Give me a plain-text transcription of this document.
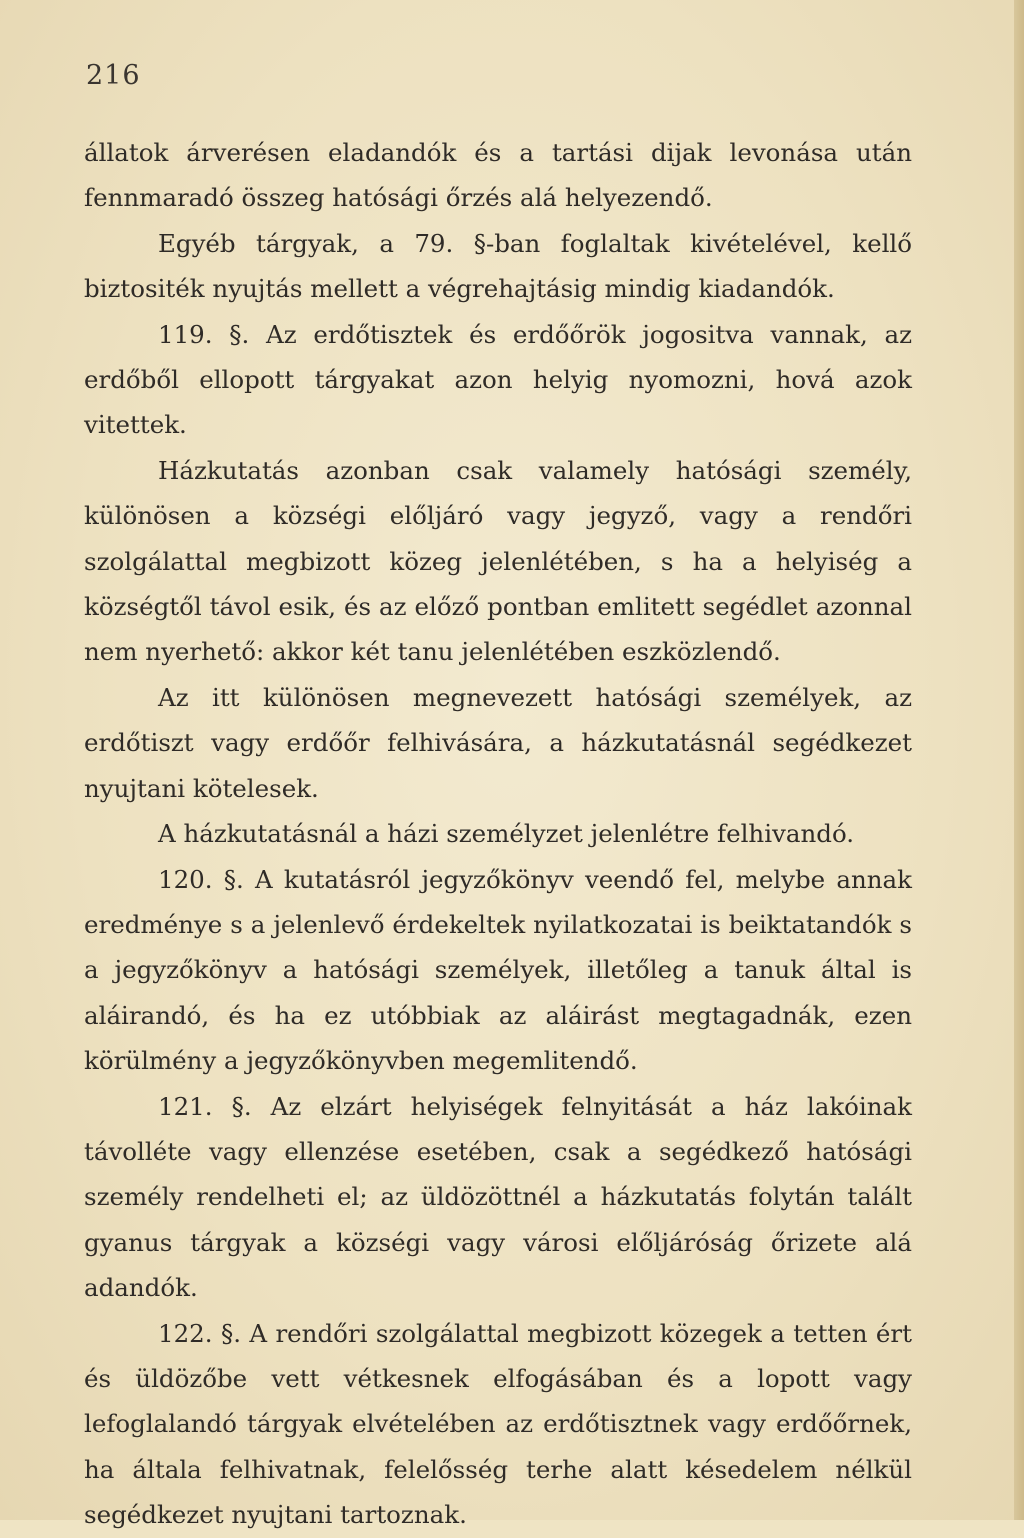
216

állatok árverésen eladandók és a tartási dijak levonása után fennmaradó összeg hatósági őrzés alá helyezendő.

Egyéb tárgyak, a 79. §-ban foglaltak kivételével, kellő biztositék nyujtás mellett a végrehajtásig mindig kiadandók.

119. §. Az erdőtisztek és erdőőrök jogositva vannak, az erdőből ellopott tárgyakat azon helyig nyomozni, hová azok vitettek.

Házkutatás azonban csak valamely hatósági személy, különösen a községi előljáró vagy jegyző, vagy a rendőri szolgálattal megbizott közeg jelenlétében, s ha a helyiség a községtől távol esik, és az előző pontban emlitett segédlet azonnal nem nyerhető: akkor két tanu jelenlétében eszközlendő.

Az itt különösen megnevezett hatósági személyek, az erdőtiszt vagy erdőőr felhivására, a házkutatásnál segédkezet nyujtani kötelesek.

A házkutatásnál a házi személyzet jelenlétre felhivandó.

120. §. A kutatásról jegyzőkönyv veendő fel, melybe annak eredménye s a jelenlevő érdekeltek nyilatkozatai is beiktatandók s a jegyzőkönyv a hatósági személyek, illetőleg a tanuk által is aláirandó, és ha ez utóbbiak az aláirást megtagadnák, ezen körülmény a jegyzőkönyvben megemlitendő.

121. §. Az elzárt helyiségek felnyitását a ház lakóinak távolléte vagy ellenzése esetében, csak a segédkező hatósági személy rendelheti el; az üldözöttnél a házkutatás folytán talált gyanus tárgyak a községi vagy városi előljáróság őrizete alá adandók.

122. §. A rendőri szolgálattal megbizott közegek a tetten ért és üldözőbe vett vétkesnek elfogásában és a lopott vagy lefoglalandó tárgyak elvételében az erdőtisztnek vagy erdőőrnek, ha általa felhivatnak, felelősség terhe alatt késedelem nélkül segédkezet nyujtani tartoznak.
